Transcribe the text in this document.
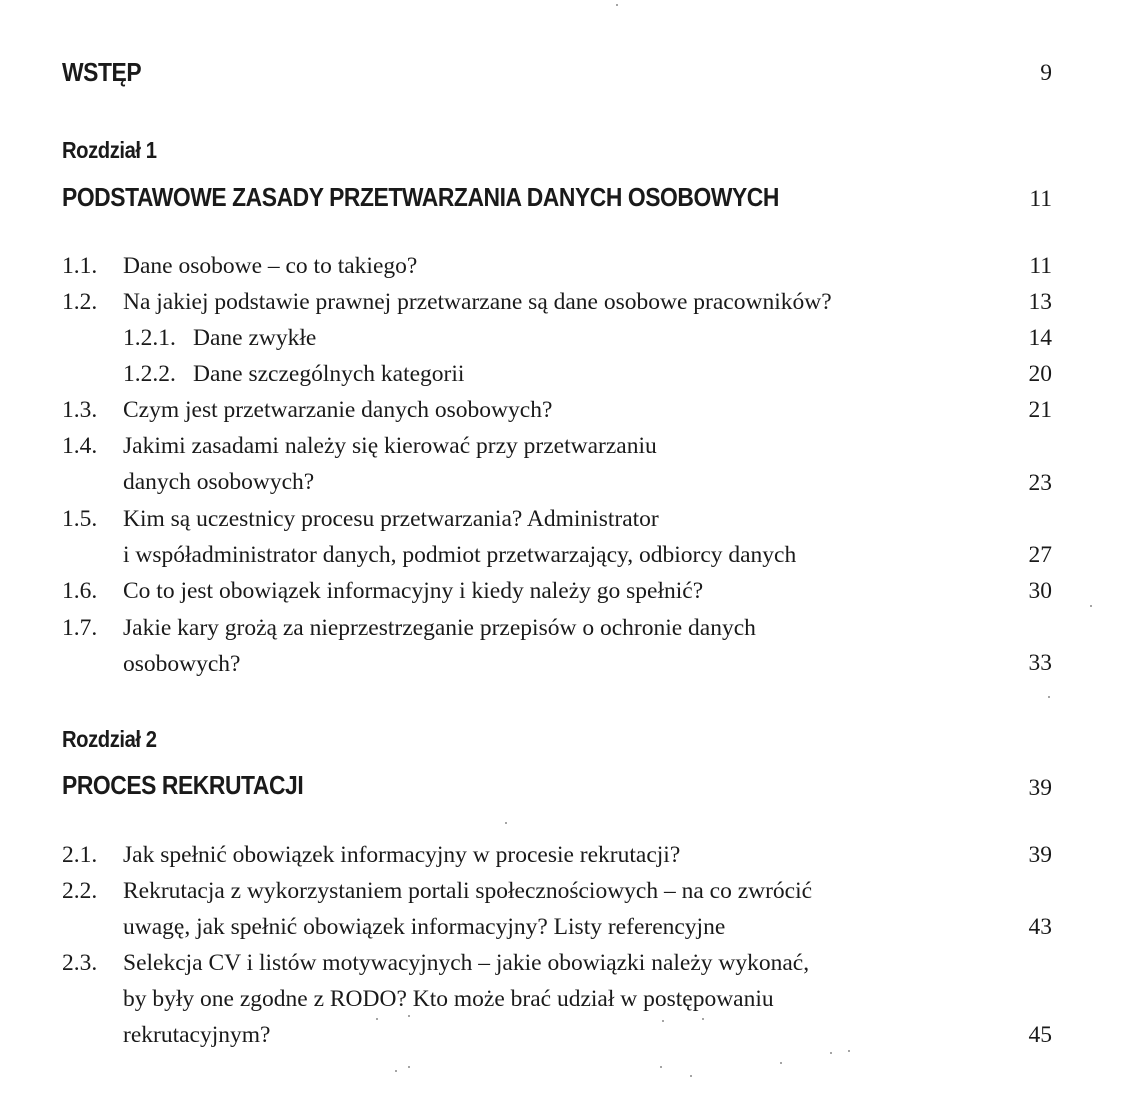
WSTĘP	9
Rozdział 1
PODSTAWOWE ZASADY PRZETWARZANIA DANYCH OSOBOWYCH	11
1.1. Dane osobowe – co to takiego?	11
1.2. Na jakiej podstawie prawnej przetwarzane są dane osobowe pracowników?	13
1.2.1. Dane zwykłe	14
1.2.2. Dane szczególnych kategorii	20
1.3. Czym jest przetwarzanie danych osobowych?	21
1.4. Jakimi zasadami należy się kierować przy przetwarzaniu
danych osobowych?	23
1.5. Kim są uczestnicy procesu przetwarzania? Administrator
i współadministrator danych, podmiot przetwarzający, odbiorcy danych	27
1.6. Co to jest obowiązek informacyjny i kiedy należy go spełnić?	30
1.7. Jakie kary grożą za nieprzestrzeganie przepisów o ochronie danych
osobowych?	33
Rozdział 2
PROCES REKRUTACJI	39
2.1. Jak spełnić obowiązek informacyjny w procesie rekrutacji?	39
2.2. Rekrutacja z wykorzystaniem portali społecznościowych – na co zwrócić
uwagę, jak spełnić obowiązek informacyjny? Listy referencyjne	43
2.3. Selekcja CV i listów motywacyjnych – jakie obowiązki należy wykonać,
by były one zgodne z RODO? Kto może brać udział w postępowaniu
rekrutacyjnym?	45
